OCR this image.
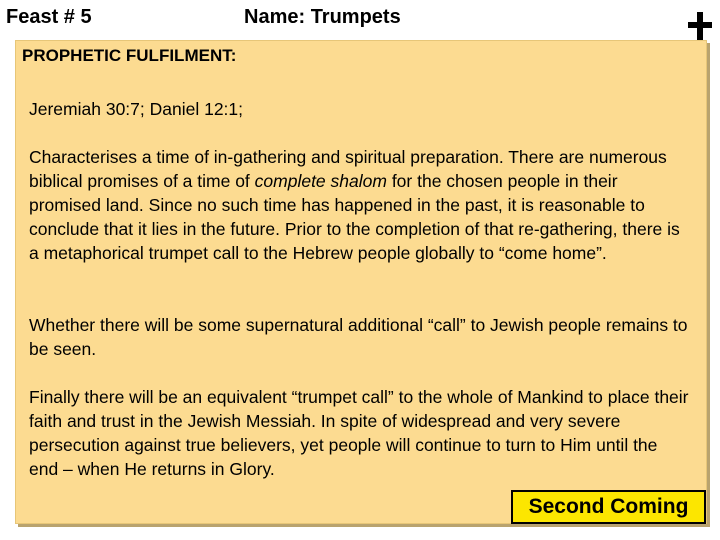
Feast # 5	Name: Trumpets
PROPHETIC FULFILMENT:
Jeremiah 30:7; Daniel 12:1;
Characterises a time of in-gathering and spiritual preparation. There are numerous biblical promises of a time of complete shalom for the chosen people in their promised land. Since no such time has happened in the past, it is reasonable to conclude that it lies in the future. Prior to the completion of that re-gathering, there is a metaphorical trumpet call to the Hebrew people globally to “come home”.
Whether there will be some supernatural additional “call” to Jewish people remains to be seen.
Finally there will be an equivalent “trumpet call” to the whole of Mankind to place their faith and trust in the Jewish Messiah. In spite of widespread and very severe persecution against true believers, yet people will continue to turn to Him until the end – when He returns in Glory.
Second Coming
